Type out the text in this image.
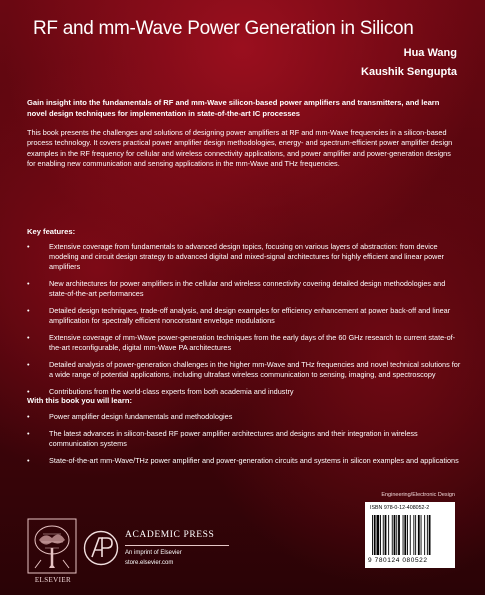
RF and mm-Wave Power Generation in Silicon
Hua Wang
Kaushik Sengupta
Gain insight into the fundamentals of RF and mm-Wave silicon-based power amplifiers and transmitters, and learn novel design techniques for implementation in state-of-the-art IC processes
This book presents the challenges and solutions of designing power amplifiers at RF and mm-Wave frequencies in a silicon-based process technology. It covers practical power amplifier design methodologies, energy- and spectrum-efficient power amplifier design examples in the RF frequency for cellular and wireless connectivity applications, and power amplifier and power-generation designs for enabling new communication and sensing applications in the mm-Wave and THz frequencies.
Key features:
•	Extensive coverage from fundamentals to advanced design topics, focusing on various layers of abstraction: from device modeling and circuit design strategy to advanced digital and mixed-signal architectures for highly efficient and linear power amplifiers
•	New architectures for power amplifiers in the cellular and wireless connectivity covering detailed design methodologies and state-of-the-art performances
•	Detailed design techniques, trade-off analysis, and design examples for efficiency enhancement at power back-off and linear amplification for spectrally efficient nonconstant envelope modulations
•	Extensive coverage of mm-Wave power-generation techniques from the early days of the 60 GHz research to current state-of-the-art reconfigurable, digital mm-Wave PA architectures
•	Detailed analysis of power-generation challenges in the higher mm-Wave and THz frequencies and novel technical solutions for a wide range of potential applications, including ultrafast wireless communication to sensing, imaging, and spectroscopy
•	Contributions from the world-class experts from both academia and industry
With this book you will learn:
•	Power amplifier design fundamentals and methodologies
•	The latest advances in silicon-based RF power amplifier architectures and designs and their integration in wireless communication systems
•	State-of-the-art mm-Wave/THz power amplifier and power-generation circuits and systems in silicon examples and applications
ELSEVIER
ACADEMIC PRESS
An imprint of Elsevier
store.elsevier.com
Engineering/Electronic Design
ISBN 978-0-12-408052-2
9 780124 080522
